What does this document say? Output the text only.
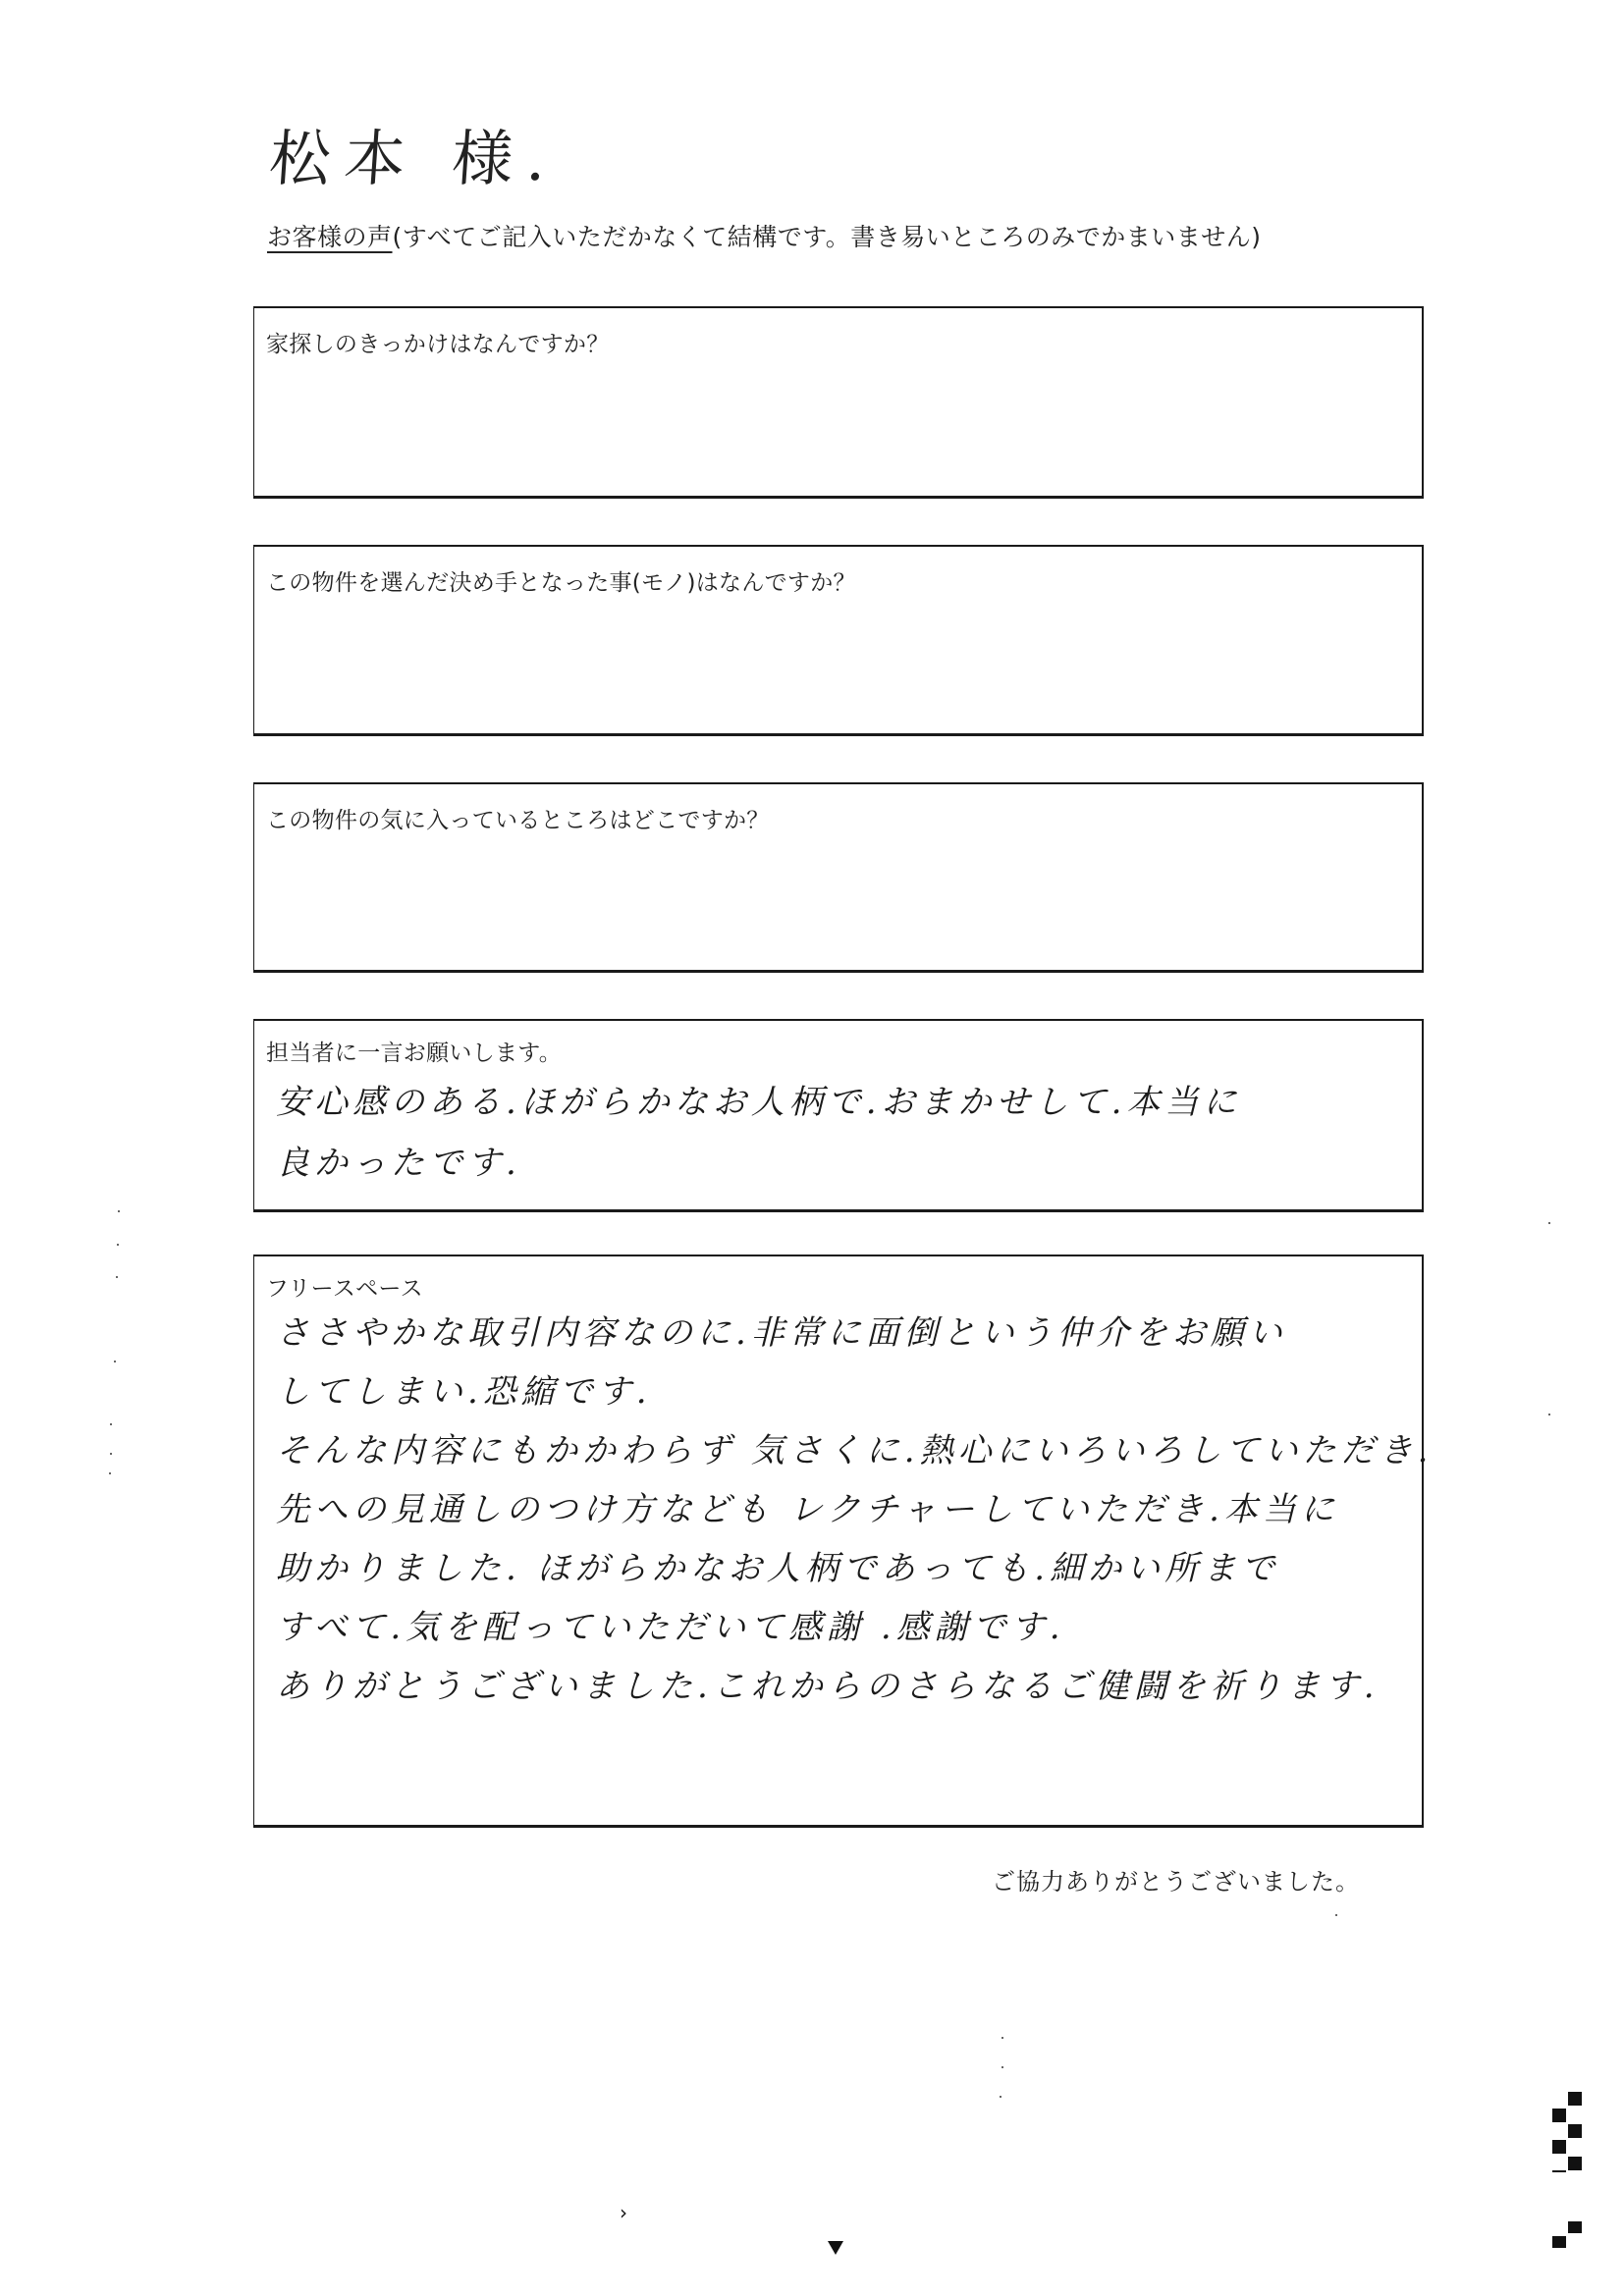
松本 様.
お客様の声(すべてご記入いただかなくて結構です。書き易いところのみでかまいません)
家探しのきっかけはなんですか？
この物件を選んだ決め手となった事(モノ)はなんですか？
この物件の気に入っているところはどこですか？
担当者に一言お願いします。
安心感のある.ほがらかなお人柄で.おまかせして.本当に
良かったです.
フリースペース
ささやかな取引内容なのに.非常に面倒という仲介をお願い
してしまい.恐縮です.
そんな内容にもかかわらず 気さくに.熱心にいろいろしていただき.
先への見通しのつけ方なども レクチャーしていただき.本当に
助かりました. ほがらかなお人柄であっても.細かい所まで
すべて.気を配っていただいて感謝 .感謝です.
ありがとうございました.これからのさらなるご健闘を祈ります.
ご協力ありがとうございました。
›
